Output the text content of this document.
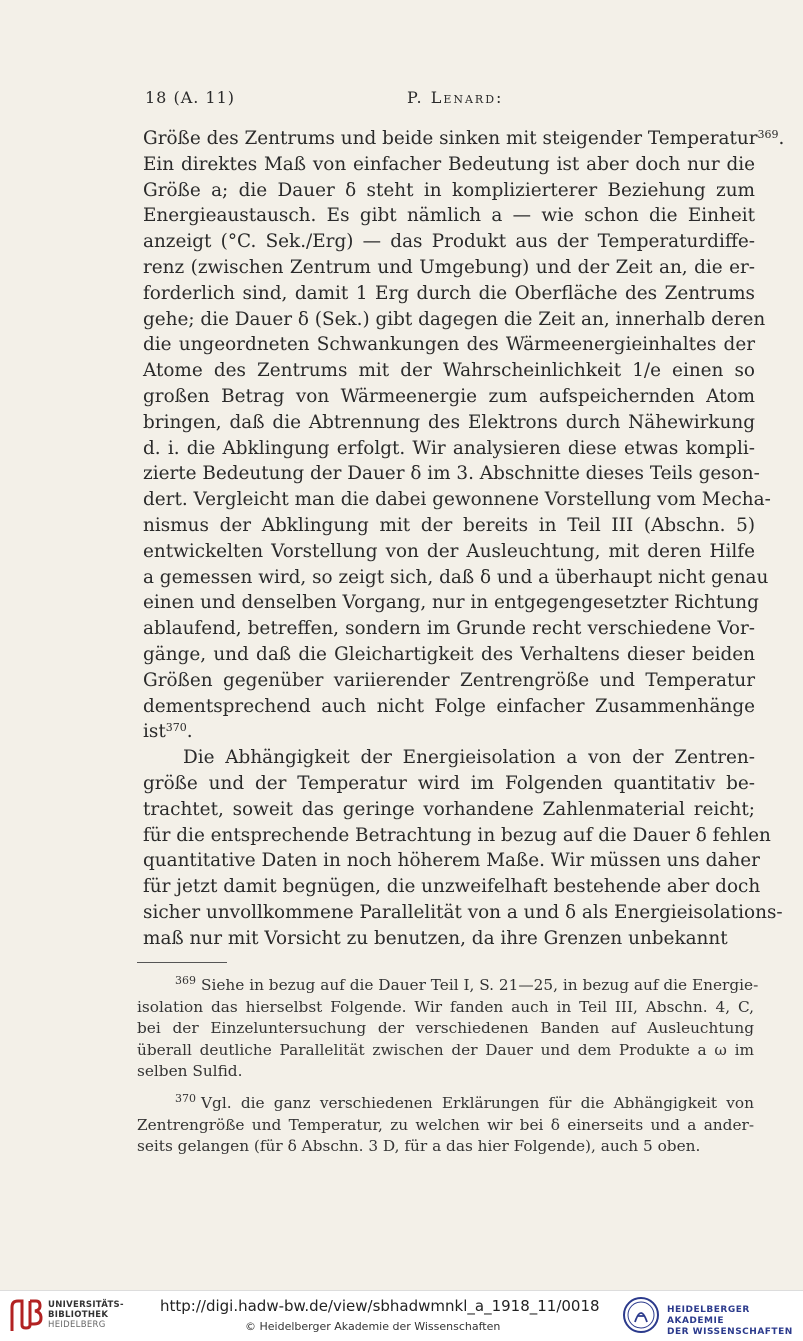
18 (A. 11)	P. Lenard:
Größe des Zentrums und beide sinken mit steigender Temperatur$^{369}$.
Ein direktes Maß von einfacher Bedeutung ist aber doch nur die
Größe a; die Dauer δ steht in komplizierterer Beziehung zum
Energieaustausch. Es gibt nämlich a — wie schon die Einheit
anzeigt (°C. Sek./Erg) — das Produkt aus der Temperaturdiffe-
renz (zwischen Zentrum und Umgebung) und der Zeit an, die er-
forderlich sind, damit 1 Erg durch die Oberfläche des Zentrums
gehe; die Dauer δ (Sek.) gibt dagegen die Zeit an, innerhalb deren
die ungeordneten Schwankungen des Wärmeenergieinhaltes der
Atome des Zentrums mit der Wahrscheinlichkeit 1/e einen so
großen Betrag von Wärmeenergie zum aufspeichernden Atom
bringen, daß die Abtrennung des Elektrons durch Nähewirkung
d. i. die Abklingung erfolgt. Wir analysieren diese etwas kompli-
zierte Bedeutung der Dauer δ im 3. Abschnitte dieses Teils geson-
dert. Vergleicht man die dabei gewonnene Vorstellung vom Mecha-
nismus der Abklingung mit der bereits in Teil III (Abschn. 5)
entwickelten Vorstellung von der Ausleuchtung, mit deren Hilfe
a gemessen wird, so zeigt sich, daß δ und a überhaupt nicht genau
einen und denselben Vorgang, nur in entgegengesetzter Richtung
ablaufend, betreffen, sondern im Grunde recht verschiedene Vor-
gänge, und daß die Gleichartigkeit des Verhaltens dieser beiden
Größen gegenüber variierender Zentrengröße und Temperatur
dementsprechend auch nicht Folge einfacher Zusammenhänge
ist$^{370}$.
Die Abhängigkeit der Energieisolation a von der Zentren-
größe und der Temperatur wird im Folgenden quantitativ be-
trachtet, soweit das geringe vorhandene Zahlenmaterial reicht;
für die entsprechende Betrachtung in bezug auf die Dauer δ fehlen
quantitative Daten in noch höherem Maße. Wir müssen uns daher
für jetzt damit begnügen, die unzweifelhaft bestehende aber doch
sicher unvollkommene Parallelität von a und δ als Energieisolations-
maß nur mit Vorsicht zu benutzen, da ihre Grenzen unbekannt
$^{369}$ Siehe in bezug auf die Dauer Teil I, S. 21—25, in bezug auf die Energie-
isolation das hierselbst Folgende. Wir fanden auch in Teil III, Abschn. 4, C,
bei der Einzeluntersuchung der verschiedenen Banden auf Ausleuchtung
überall deutliche Parallelität zwischen der Dauer und dem Produkte a ω im
selben Sulfid.
$^{370}$ Vgl. die ganz verschiedenen Erklärungen für die Abhängigkeit von
Zentrengröße und Temperatur, zu welchen wir bei δ einerseits und a ander-
seits gelangen (für δ Abschn. 3 D, für a das hier Folgende), auch 5 oben.
UNIVERSITÄTS-
BIBLIOTHEK
HEIDELBERG
http://digi.hadw-bw.de/view/sbhadwmnkl_a_1918_11/0018
© Heidelberger Akademie der Wissenschaften
HEIDELBERGER AKADEMIE
DER WISSENSCHAFTEN
